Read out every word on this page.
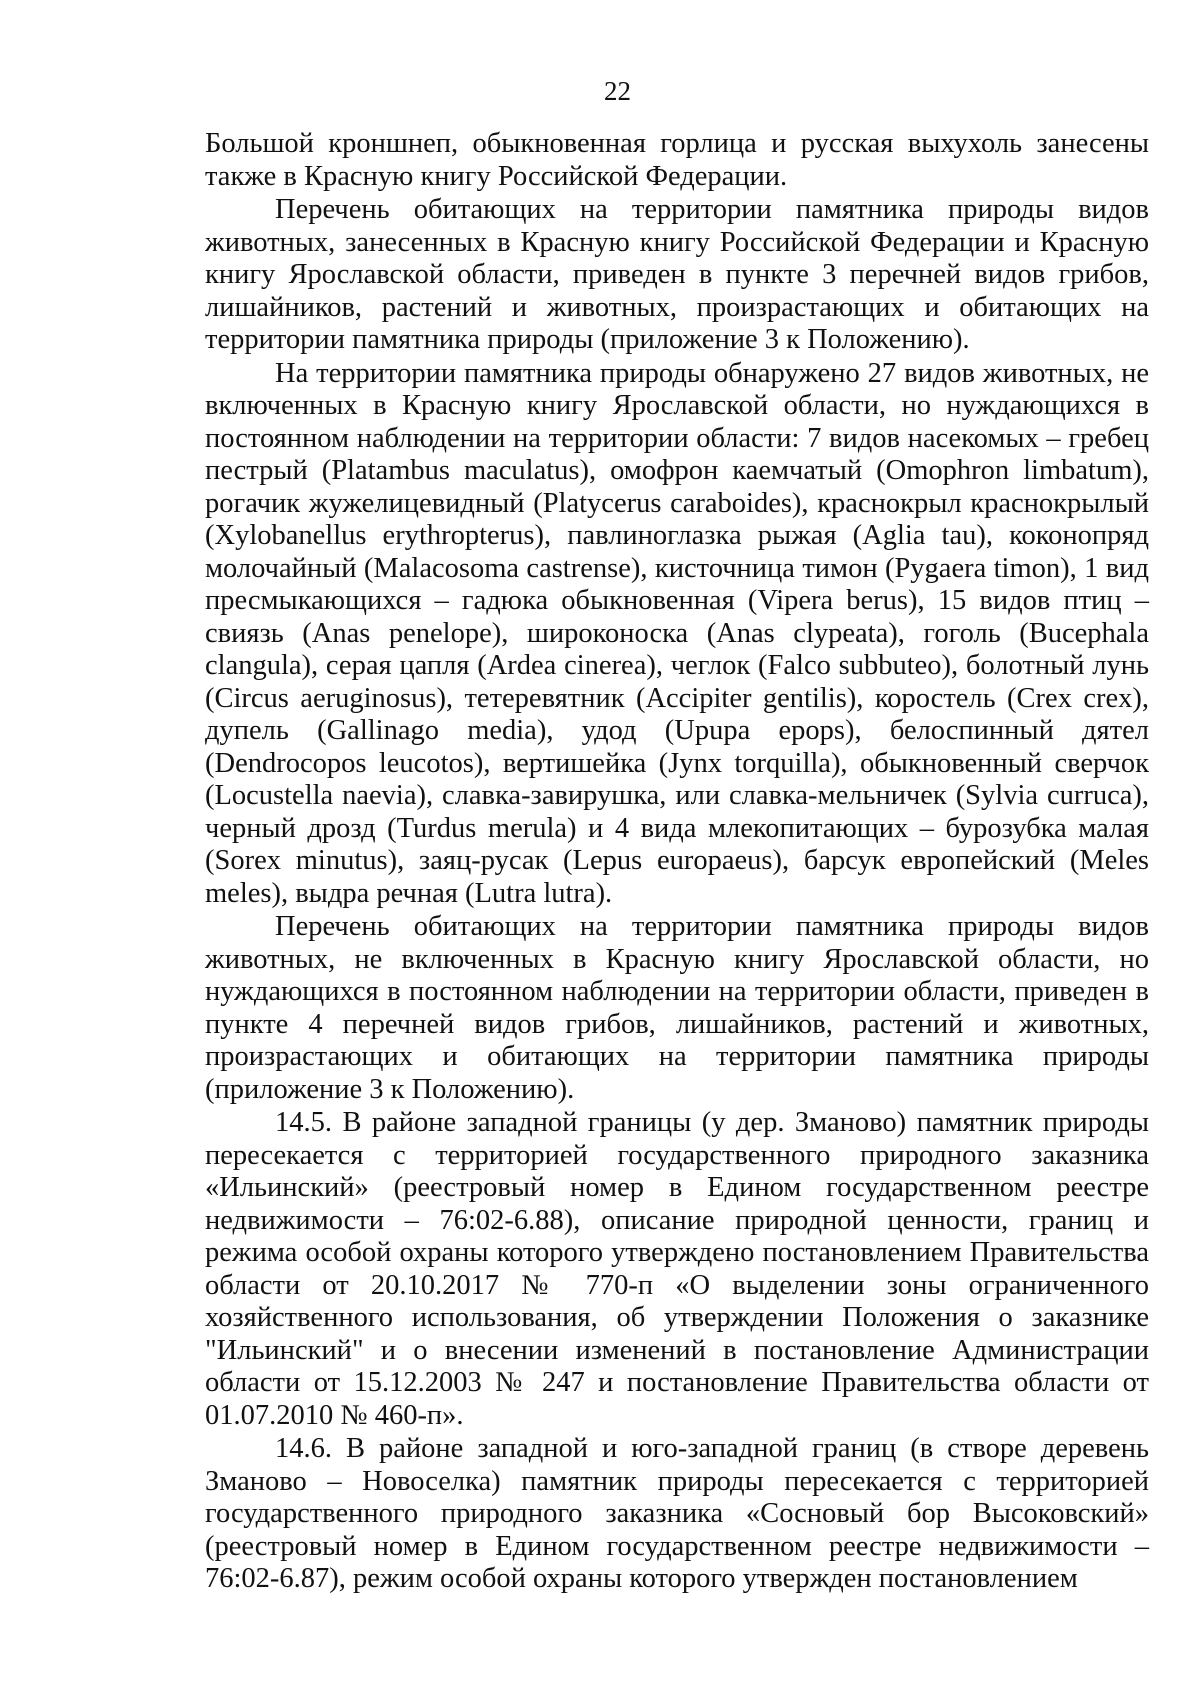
22

Большой кроншнеп, обыкновенная горлица и русская выхухоль занесены также в Красную книгу Российской Федерации.

Перечень обитающих на территории памятника природы видов животных, занесенных в Красную книгу Российской Федерации и Красную книгу Ярославской области, приведен в пункте 3 перечней видов грибов, лишайников, растений и животных, произрастающих и обитающих на территории памятника природы (приложение 3 к Положению).

На территории памятника природы обнаружено 27 видов животных, не включенных в Красную книгу Ярославской области, но нуждающихся в постоянном наблюдении на территории области: 7 видов насекомых – гребец пестрый (Platambus maculatus), омофрон каемчатый (Omophron limbatum), рогачик жужелицевидный (Platycerus caraboides), краснокрыл краснокрылый (Xylobanellus erythropterus), павлиноглазка рыжая (Aglia tau), коконопряд молочайный (Malacosoma castrense), кисточница тимон (Pygaera timon), 1 вид пресмыкающихся – гадюка обыкновенная (Vipera berus), 15 видов птиц – свиязь (Anas penelope), широконоска (Anas clypeata), гоголь (Bucephala clangula), серая цапля (Ardea cinerea), чеглок (Falco subbuteo), болотный лунь (Circus aeruginosus), тетеревятник (Accipiter gentilis), коростель (Crex crex), дупель (Gallinago media), удод (Upupa epops), белоспинный дятел (Dendrocopos leucotos), вертишейка (Jynx torquilla), обыкновенный сверчок (Locustella naevia), славка-завирушка, или славка-мельничек (Sylvia curruca), черный дрозд (Turdus merula) и 4 вида млекопитающих – бурозубка малая (Sorex minutus), заяц-русак (Lepus europaeus), барсук европейский (Meles meles), выдра речная (Lutra lutra).

Перечень обитающих на территории памятника природы видов животных, не включенных в Красную книгу Ярославской области, но нуждающихся в постоянном наблюдении на территории области, приведен в пункте 4 перечней видов грибов, лишайников, растений и животных, произрастающих и обитающих на территории памятника природы (приложение 3 к Положению).

14.5. В районе западной границы (у дер. Зманово) памятник природы пересекается с территорией государственного природного заказника «Ильинский» (реестровый номер в Едином государственном реестре недвижимости – 76:02-6.88), описание природной ценности, границ и режима особой охраны которого утверждено постановлением Правительства области от 20.10.2017 № 770-п «О выделении зоны ограниченного хозяйственного использования, об утверждении Положения о заказнике "Ильинский" и о внесении изменений в постановление Администрации области от 15.12.2003 № 247 и постановление Правительства области от 01.07.2010 № 460-п».

14.6. В районе западной и юго-западной границ (в створе деревень Зманово – Новоселка) памятник природы пересекается с территорией государственного природного заказника «Сосновый бор Высоковский» (реестровый номер в Едином государственном реестре недвижимости – 76:02-6.87), режим особой охраны которого утвержден постановлением
